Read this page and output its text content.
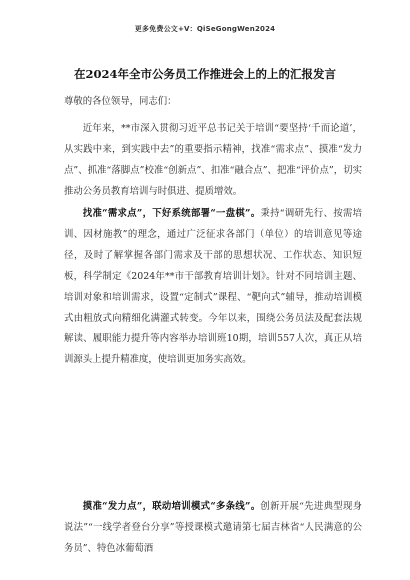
更多免费公文+V：QiSeGongWen2024
在2024年全市公务员工作推进会上的上的汇报发言
尊敬的各位领导，同志们：

近年来，**市深入贯彻习近平总书记关于培训“要坚持‘千而论道’，从实践中来，到实践中去”的重要指示精神，找准“需求点”、摸准“发力点”、抓准“落脚点”校准“创新点”、扣准“融合点”、把准“评价点”，切实推动公务员教育培训与时俱进、提质增效。

找准“需求点”，下好系统部署“一盘棋”。秉持“调研先行、按需培训、因材施教”的理念，通过广泛征求各部门（单位）的培训意见等途径，及时了解掌握各部门需求及干部的思想状况、工作状态、知识短板，科学制定《2024年**市干部教育培训计划》。针对不同培训主题、培训对象和培训需求，设置“定制式”课程、“靶向式”辅导，推动培训模式由粗放式向精细化满灌式转变。今年以来，围绕公务员法及配套法规解读、履职能力提升等内容举办培训班10期，培训557人次，真正从培训源头上提升精准度，使培训更加务实高效。

摸准“发力点”，联动培训模式“多条线”。创新开展“先进典型现身说法”“一线学者登台分享”等授课模式邀请第七届吉林省“人民满意的公务员”、特色冰葡萄酒
